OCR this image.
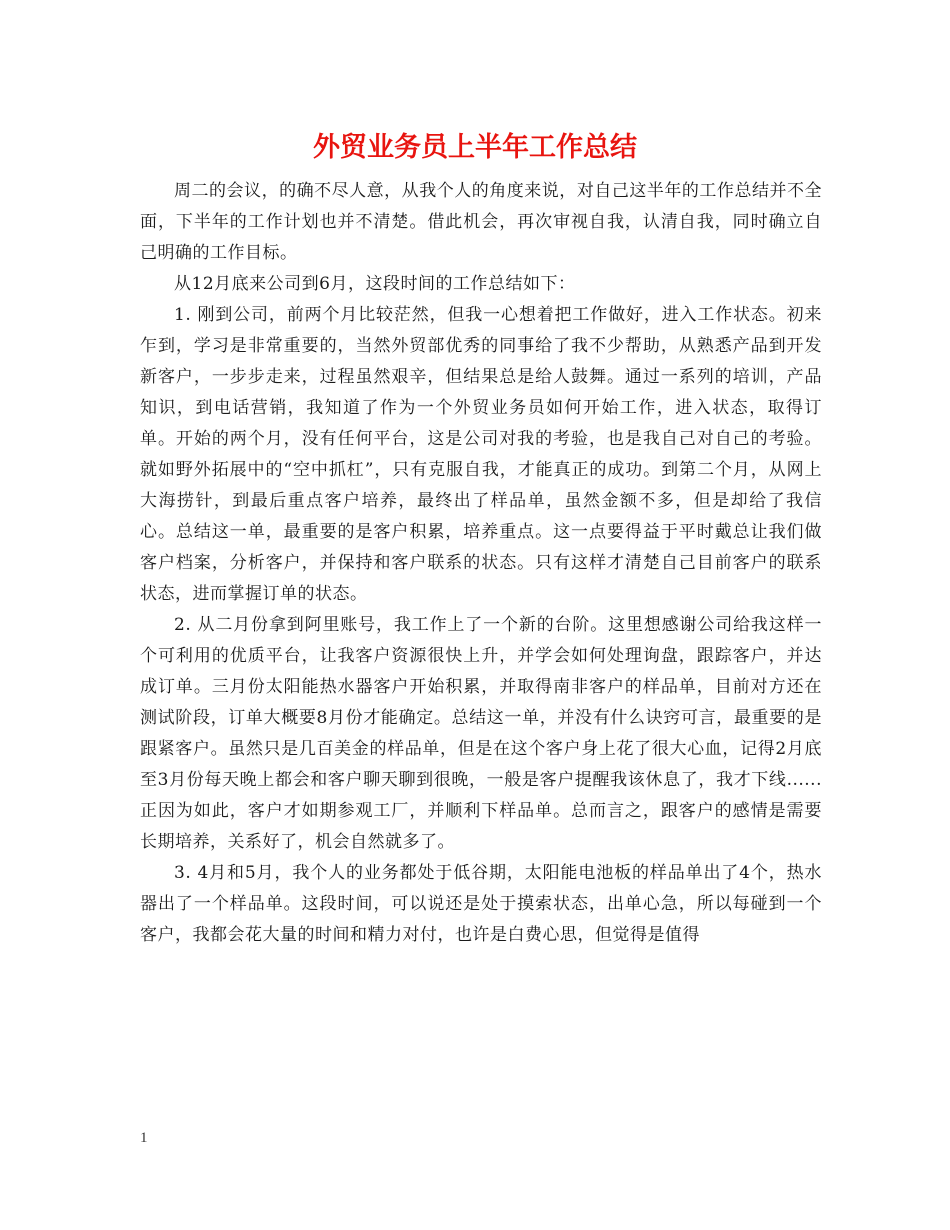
外贸业务员上半年工作总结

周二的会议，的确不尽人意，从我个人的角度来说，对自己这半年的工作总结并不全面，下半年的工作计划也并不清楚。借此机会，再次审视自我，认清自我，同时确立自己明确的工作目标。

从12月底来公司到6月，这段时间的工作总结如下：

1. 刚到公司，前两个月比较茫然，但我一心想着把工作做好，进入工作状态。初来乍到，学习是非常重要的，当然外贸部优秀的同事给了我不少帮助，从熟悉产品到开发新客户，一步步走来，过程虽然艰辛，但结果总是给人鼓舞。通过一系列的培训，产品知识，到电话营销，我知道了作为一个外贸业务员如何开始工作，进入状态，取得订单。开始的两个月，没有任何平台，这是公司对我的考验，也是我自己对自己的考验。就如野外拓展中的“空中抓杠”，只有克服自我，才能真正的成功。到第二个月，从网上大海捞针，到最后重点客户培养，最终出了样品单，虽然金额不多，但是却给了我信心。总结这一单，最重要的是客户积累，培养重点。这一点要得益于平时戴总让我们做客户档案，分析客户，并保持和客户联系的状态。只有这样才清楚自己目前客户的联系状态，进而掌握订单的状态。

2. 从二月份拿到阿里账号，我工作上了一个新的台阶。这里想感谢公司给我这样一个可利用的优质平台，让我客户资源很快上升，并学会如何处理询盘，跟踪客户，并达成订单。三月份太阳能热水器客户开始积累，并取得南非客户的样品单，目前对方还在测试阶段，订单大概要8月份才能确定。总结这一单，并没有什么诀窍可言，最重要的是跟紧客户。虽然只是几百美金的样品单，但是在这个客户身上花了很大心血，记得2月底至3月份每天晚上都会和客户聊天聊到很晚，一般是客户提醒我该休息了，我才下线......正因为如此，客户才如期参观工厂，并顺利下样品单。总而言之，跟客户的感情是需要长期培养，关系好了，机会自然就多了。

3. 4月和5月，我个人的业务都处于低谷期，太阳能电池板的样品单出了4个，热水器出了一个样品单。这段时间，可以说还是处于摸索状态，出单心急，所以每碰到一个客户，我都会花大量的时间和精力对付，也许是白费心思，但觉得是值得

1
